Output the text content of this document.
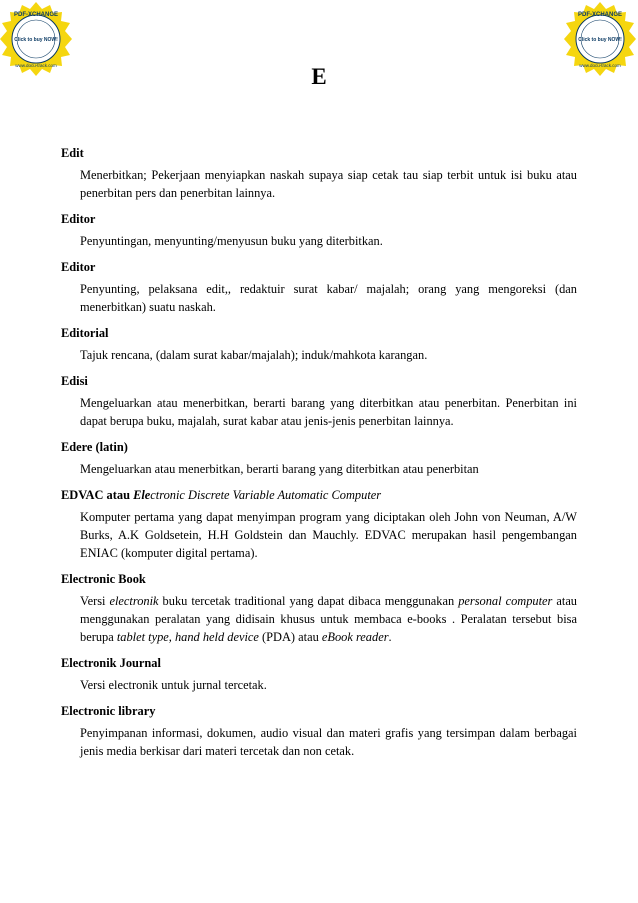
PDF-XCHANGE
Click to buy NOW!
www.docu-track.com
PDF-XCHANGE
Click to buy NOW!
www.docu-track.com
E
Edit
Menerbitkan; Pekerjaan menyiapkan naskah supaya siap cetak tau siap terbit untuk isi buku atau penerbitan pers dan penerbitan lainnya.
Editor
Penyuntingan, menyunting/menyusun buku yang diterbitkan.
Editor
Penyunting, pelaksana edit,, redaktuir surat kabar/ majalah; orang yang mengoreksi (dan menerbitkan) suatu naskah.
Editorial
Tajuk rencana, (dalam surat kabar/majalah); induk/mahkota karangan.
Edisi
Mengeluarkan atau menerbitkan, berarti barang yang diterbitkan atau penerbitan. Penerbitan ini dapat berupa buku, majalah, surat kabar atau jenis-jenis penerbitan lainnya.
Edere (latin)
Mengeluarkan atau menerbitkan, berarti barang yang diterbitkan atau penerbitan
EDVAC atau Electronic Discrete Variable Automatic Computer
Komputer pertama yang dapat menyimpan program yang diciptakan oleh John von Neuman, A/W Burks, A.K Goldsetein, H.H Goldstein dan Mauchly. EDVAC merupakan hasil pengembangan ENIAC (komputer digital pertama).
Electronic Book
Versi electronik buku tercetak traditional yang dapat dibaca menggunakan personal computer atau menggunakan peralatan yang didisain khusus untuk membaca e-books . Peralatan tersebut bisa berupa tablet type, hand held device (PDA) atau eBook reader.
Electronik Journal
Versi electronik untuk jurnal tercetak.
Electronic library
Penyimpanan informasi, dokumen, audio visual dan materi grafis yang tersimpan dalam berbagai jenis media berkisar dari materi tercetak dan non cetak.
